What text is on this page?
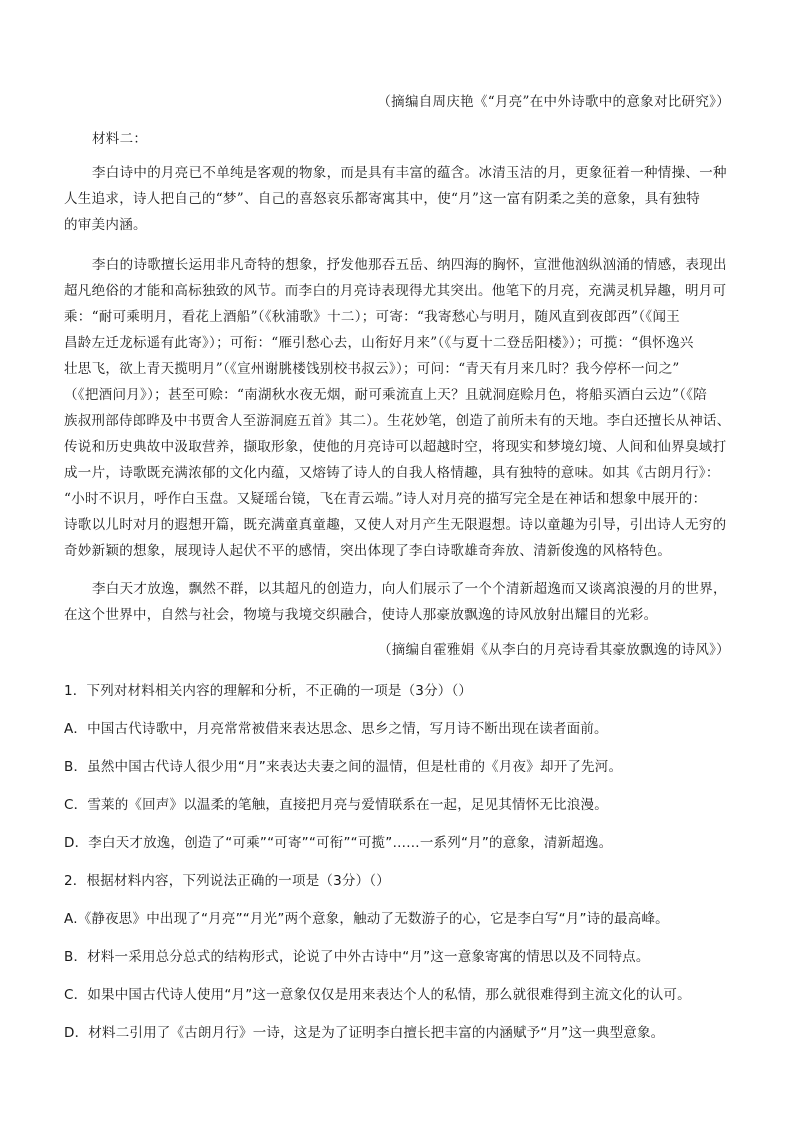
（摘编自周庆艳《“月亮”在中外诗歌中的意象对比研究》）
材料二：
李白诗中的月亮已不单纯是客观的物象，而是具有丰富的蕴含。冰清玉洁的月，更象征着一种情操、一种
人生追求，诗人把自己的“梦”、自己的喜怒哀乐都寄寓其中，使“月”这一富有阴柔之美的意象，具有独特
的审美内涵。
李白的诗歌擅长运用非凡奇特的想象，抒发他那吞五岳、纳四海的胸怀，宣泄他汹纵汹涌的情感，表现出
超凡绝俗的才能和高标独致的风节。而李白的月亮诗表现得尤其突出。他笔下的月亮，充满灵机异趣，明月可
乘：“耐可乘明月，看花上酒船”（《秋浦歌》十二）；可寄：“我寄愁心与明月，随风直到夜郎西”（《闻王
昌龄左迁龙标遥有此寄》）；可衔：“雁引愁心去，山衔好月来”（《与夏十二登岳阳楼》）；可揽：“俱怀逸兴
壮思飞，欲上青天揽明月”（《宣州谢朓楼饯别校书叔云》）；可问：“青天有月来几时？我今停杯一问之”
（《把酒问月》）；甚至可赊：“南湖秋水夜无烟，耐可乘流直上天？且就洞庭赊月色，将船买酒白云边”（《陪
族叔刑部侍郎晔及中书贾舍人至游洞庭五首》其二）。生花妙笔，创造了前所未有的天地。李白还擅长从神话、
传说和历史典故中汲取营养，撷取形象，使他的月亮诗可以超越时空，将现实和梦境幻境、人间和仙界臭域打
成一片，诗歌既充满浓郁的文化内蕴，又熔铸了诗人的自我人格情趣，具有独特的意味。如其《古朗月行》：
“小时不识月，呼作白玉盘。又疑瑶台镜，飞在青云端。”诗人对月亮的描写完全是在神话和想象中展开的：
诗歌以儿时对月的遐想开篇，既充满童真童趣，又使人对月产生无限遐想。诗以童趣为引导，引出诗人无穷的
奇妙新颖的想象，展现诗人起伏不平的感情，突出体现了李白诗歌雄奇奔放、清新俊逸的风格特色。
李白天才放逸，飘然不群，以其超凡的创造力，向人们展示了一个个清新超逸而又谈离浪漫的月的世界，
在这个世界中，自然与社会，物境与我境交织融合，使诗人那豪放飘逸的诗风放射出耀目的光彩。
（摘编自霍雅娟《从李白的月亮诗看其豪放飘逸的诗风》）
1．下列对材料相关内容的理解和分析，不正确的一项是（3分）（）
A．中国古代诗歌中，月亮常常被借来表达思念、思乡之情，写月诗不断出现在读者面前。
B．虽然中国古代诗人很少用“月”来表达夫妻之间的温情，但是杜甫的《月夜》却开了先河。
C．雪莱的《回声》以温柔的笔触，直接把月亮与爱情联系在一起，足见其情怀无比浪漫。
D．李白天才放逸，创造了“可乘”“可寄”“可衔”“可揽”……一系列“月”的意象，清新超逸。
2．根据材料内容，下列说法正确的一项是（3分）（）
A.《静夜思》中出现了“月亮”“月光”两个意象，触动了无数游子的心，它是李白写“月”诗的最高峰。
B．材料一采用总分总式的结构形式，论说了中外古诗中“月”这一意象寄寓的情思以及不同特点。
C．如果中国古代诗人使用“月”这一意象仅仅是用来表达个人的私情，那么就很难得到主流文化的认可。
D．材料二引用了《古朗月行》一诗，这是为了证明李白擅长把丰富的内涵赋予“月”这一典型意象。
